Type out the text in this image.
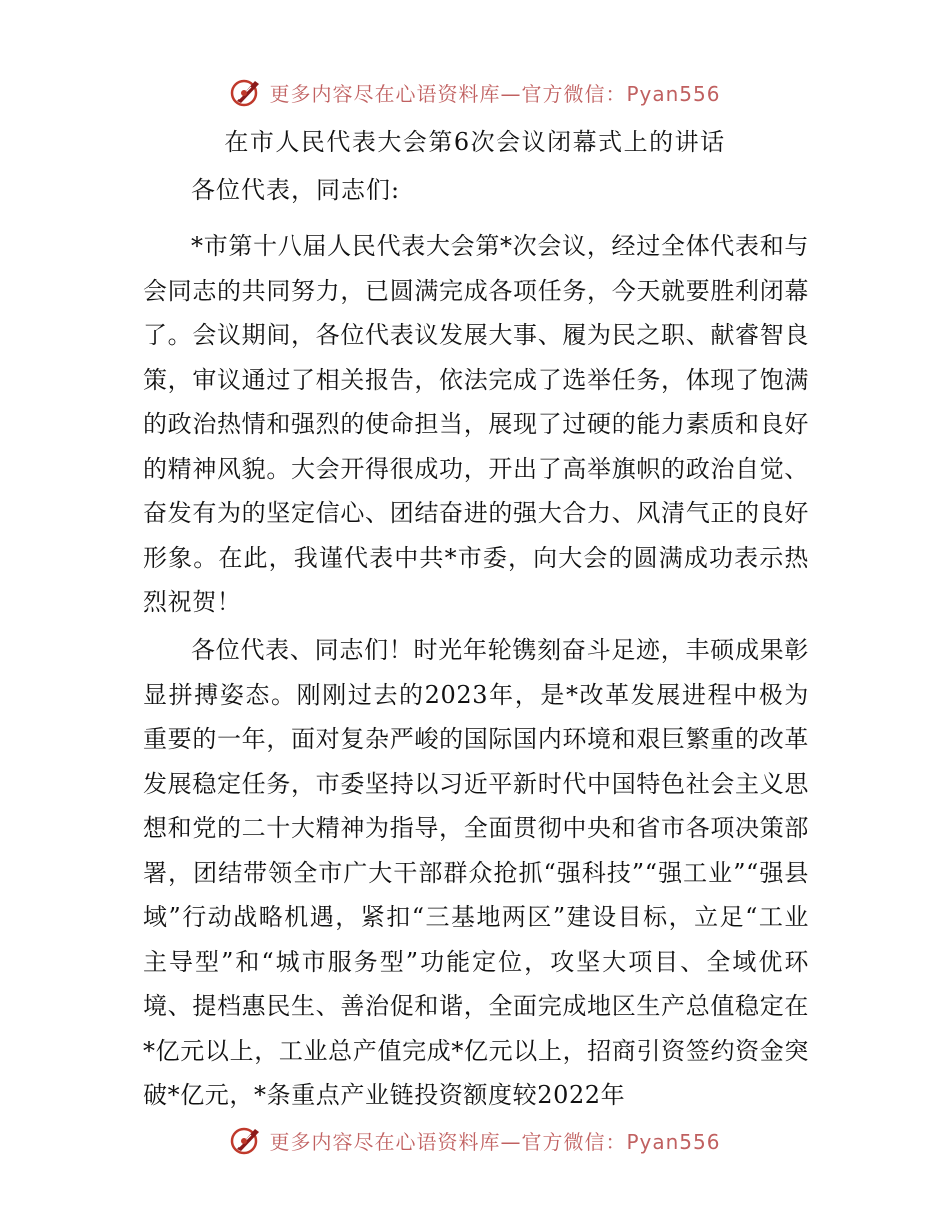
更多内容尽在心语资料库—官方微信：Pyan556
在市人民代表大会第6次会议闭幕式上的讲话
各位代表，同志们:

*市第十八届人民代表大会第*次会议，经过全体代表和与会同志的共同努力，已圆满完成各项任务，今天就要胜利闭幕了。会议期间，各位代表议发展大事、履为民之职、献睿智良策，审议通过了相关报告，依法完成了选举任务，体现了饱满的政治热情和强烈的使命担当，展现了过硬的能力素质和良好的精神风貌。大会开得很成功，开出了高举旗帜的政治自觉、奋发有为的坚定信心、团结奋进的强大合力、风清气正的良好形象。在此，我谨代表中共*市委，向大会的圆满成功表示热烈祝贺！

各位代表、同志们！时光年轮镌刻奋斗足迹，丰硕成果彰显拼搏姿态。刚刚过去的2023年，是*改革发展进程中极为重要的一年，面对复杂严峻的国际国内环境和艰巨繁重的改革发展稳定任务，市委坚持以习近平新时代中国特色社会主义思想和党的二十大精神为指导，全面贯彻中央和省市各项决策部署，团结带领全市广大干部群众抢抓“强科技”“强工业”“强县域”行动战略机遇，紧扣“三基地两区”建设目标，立足“工业主导型”和“城市服务型”功能定位，攻坚大项目、全域优环境、提档惠民生、善治促和谐，全面完成地区生产总值稳定在*亿元以上，工业总产值完成*亿元以上，招商引资签约资金突破*亿元，*条重点产业链投资额度较2022年

更多内容尽在心语资料库—官方微信：Pyan556
